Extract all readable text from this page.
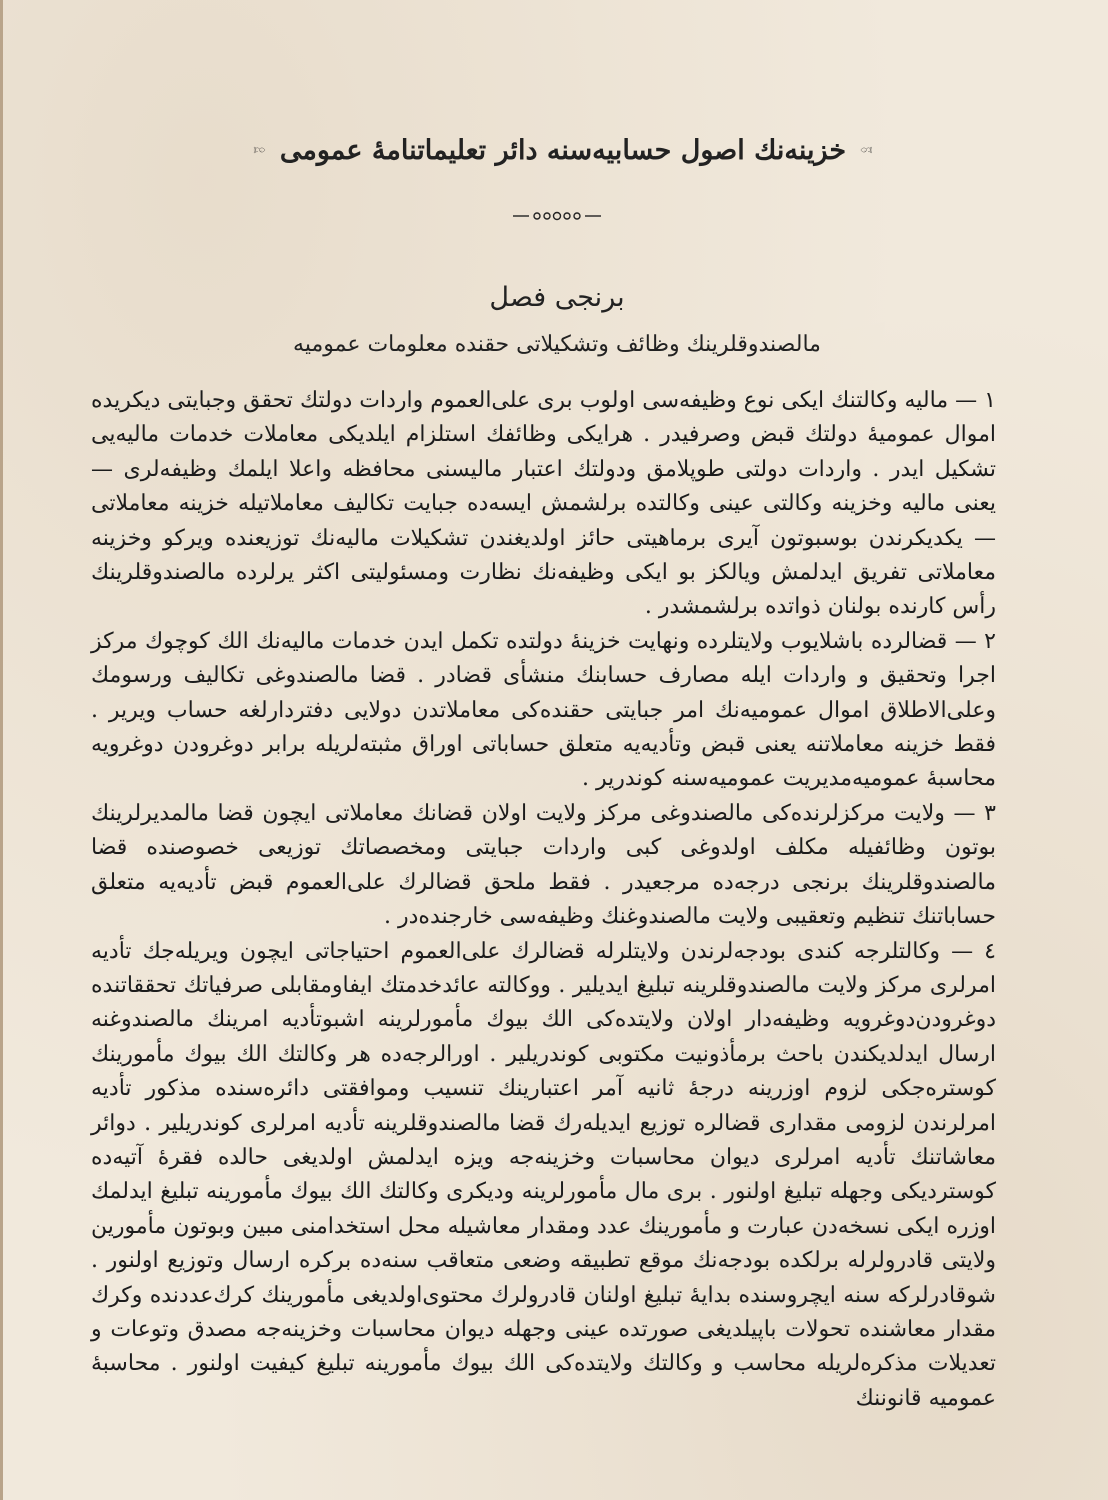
خزینه‌نك اصول حسابیه‌سنه دائر تعلیماتنامهٔ عمومی
برنجی فصل
مالصندوقلرینك وظائف وتشكیلاتی حقنده معلومات عمومیه

۱ — مالیه وكالتنك ایكی نوع وظیفه‌سی اولوب بری علی‌العموم واردات دولتك تحقق وجبایتی دیكریده اموال عمومیهٔ دولتك قبض وصرفیدر . هرایكی وظائفك استلزام ایلدیكی معاملات خدمات مالیه‌یی تشكیل ایدر . واردات دولتی طوپلامق ودولتك اعتبار مالیسنی محافظه واعلا ایلمك وظیفه‌لری — یعنی مالیه وخزینه وكالتی عینی وكالتده برلشمش ایسه‌ده جبایت تكالیف معاملاتیله خزینه معاملاتی — یكدیكرندن بوسبوتون آیری برماهیتی حائز اولدیغندن تشكیلات مالیه‌نك توزیعنده ویركو وخزینه معاملاتی تفریق ایدلمش ویالكز بو ایكی وظیفه‌نك نظارت ومسئولیتی اكثر یرلرده مالصندوقلرینك رأس كارنده بولنان ذواتده برلشمشدر .

۲ — قضالرده باشلایوب ولایتلرده ونهایت خزینهٔ دولتده تكمل ایدن خدمات مالیه‌نك الك كوچوك مركز اجرا وتحقیق و واردات ایله مصارف حسابنك منشأی قضادر . قضا مالصندوغی تكالیف ورسومك وعلی‌الاطلاق اموال عمومیه‌نك امر جبایتی حقنده‌كی معاملاتدن دولایی دفتردارلغه حساب ویریر . فقط خزینه معاملاتنه یعنی قبض وتأدیه‌یه متعلق حساباتی اوراق مثبته‌لریله برابر دوغرودن دوغرویه محاسبهٔ عمومیه‌مدیریت عمومیه‌سنه كوندریر .

۳ — ولایت مركزلرنده‌كی مالصندوغی مركز ولایت اولان قضانك معاملاتی ایچون قضا مالمدیرلرینك بوتون وظائفیله مكلف اولدوغی كبی واردات جبایتی ومخصصاتك توزیعی خصوصنده قضا مالصندوقلرینك برنجی درجه‌ده مرجعیدر . فقط ملحق قضالرك علی‌العموم قبض تأدیه‌یه متعلق حساباتنك تنظیم وتعقیبی ولایت مالصندوغنك وظیفه‌سی خارجنده‌در .

٤ — وكالتلرجه كندی بودجه‌لرندن ولایتلرله قضالرك علی‌العموم احتیاجاتی ایچون ویریله‌جك تأدیه امرلری مركز ولایت مالصندوقلرینه تبلیغ ایدیلیر . ووكالته عائدخدمتك ایفاومقابلی صرفیاتك تحققاتنده دوغرودن‌دوغرویه وظیفه‌دار اولان ولایتده‌كی الك بیوك مأمورلرینه اشبوتأدیه امرینك مالصندوغنه ارسال ایدلدیكندن باحث برمأذونیت مكتوبی كوندریلیر . اورالرجه‌ده هر وكالتك الك بیوك مأمورینك كوستره‌جكی لزوم اوزرینه درجهٔ ثانیه آمر اعتبارینك تنسیب وموافقتی دائره‌سنده مذكور تأدیه امرلرندن لزومی مقداری قضالره توزیع ایدیله‌رك قضا مالصندوقلرینه تأدیه امرلری كوندریلیر . دوائر معاشاتنك تأدیه امرلری دیوان محاسبات وخزینه‌جه ویزه ایدلمش اولدیغی حالده فقرهٔ آتیه‌ده كوستردیكی وجهله تبلیغ اولنور . بری مال مأمورلرینه ودیكری وكالتك الك بیوك مأمورینه تبلیغ ایدلمك اوزره ایكی نسخه‌دن عبارت و مأمورینك عدد ومقدار معاشیله محل استخدامنی مبین وبوتون مأمورین ولایتی قادرولرله برلكده بودجه‌نك موقع تطبیقه وضعی متعاقب سنه‌ده بركره ارسال وتوزیع اولنور . شوقادرلركه سنه ایچروسنده بدایهٔ تبلیغ اولنان قادرولرك محتوی‌اولدیغی مأمورینك كرك‌عددنده وكرك مقدار معاشنده تحولات باپیلدیغی صورتده عینی وجهله دیوان محاسبات وخزینه‌جه مصدق وتوعات و تعدیلات مذكره‌لریله محاسب و وكالتك ولایتده‌كی الك بیوك مأمورینه تبلیغ كیفیت اولنور . محاسبهٔ عمومیه قانوننك
